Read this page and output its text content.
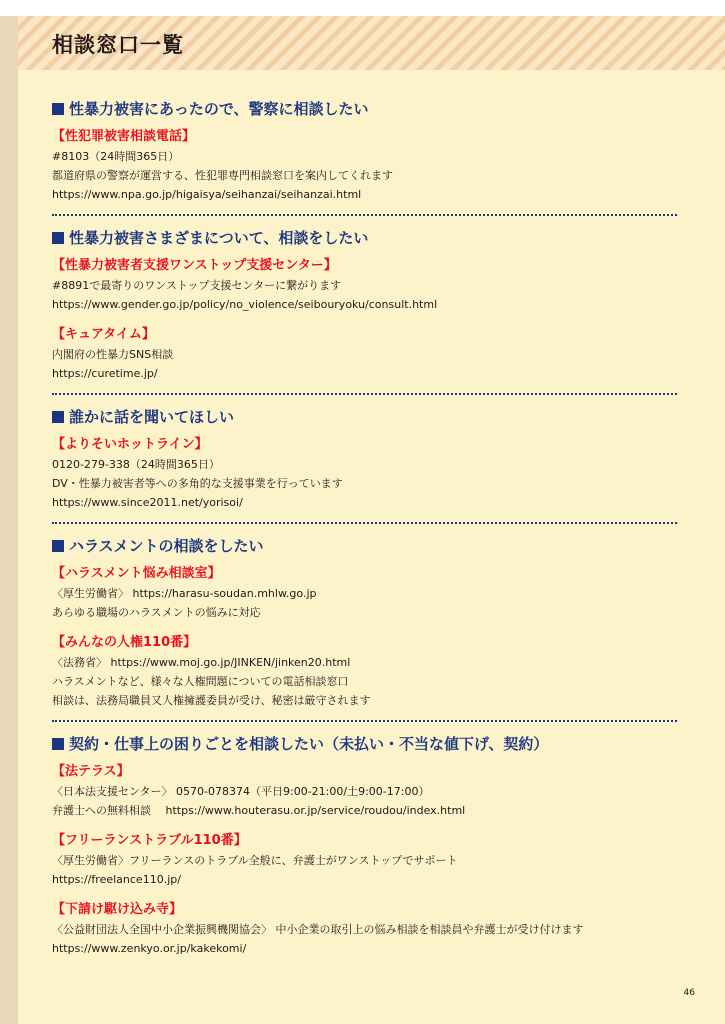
相談窓口一覧
性暴力被害にあったので、警察に相談したい
【性犯罪被害相談電話】
#8103（24時間365日）
都道府県の警察が運営する、性犯罪専門相談窓口を案内してくれます
https://www.npa.go.jp/higaisya/seihanzai/seihanzai.html
性暴力被害さまざまについて、相談をしたい
【性暴力被害者支援ワンストップ支援センター】
#8891で最寄りのワンストップ支援センターに繋がります
https://www.gender.go.jp/policy/no_violence/seibouryoku/consult.html
【キュアタイム】
内閣府の性暴力SNS相談
https://curetime.jp/
誰かに話を聞いてほしい
【よりそいホットライン】
0120-279-338（24時間365日）
DV・性暴力被害者等への多角的な支援事業を行っています
https://www.since2011.net/yorisoi/
ハラスメントの相談をしたい
【ハラスメント悩み相談室】
〈厚生労働省〉 https://harasu-soudan.mhlw.go.jp
あらゆる職場のハラスメントの悩みに対応
【みんなの人権110番】
〈法務省〉 https://www.moj.go.jp/JINKEN/jinken20.html
ハラスメントなど、様々な人権問題についての電話相談窓口
相談は、法務局職員又人権擁護委員が受け、秘密は厳守されます
契約・仕事上の困りごとを相談したい（未払い・不当な値下げ、契約）
【法テラス】
〈日本法支援センター〉 0570-078374（平日9:00-21:00/土9:00-17:00）
弁護士への無料相談　 https://www.houterasu.or.jp/service/roudou/index.html
【フリーランストラブル110番】
〈厚生労働省〉フリーランスのトラブル全般に、弁護士がワンストップでサポート
https://freelance110.jp/
【下請け駆け込み寺】
〈公益財団法人全国中小企業振興機関協会〉 中小企業の取引上の悩み相談を相談員や弁護士が受け付けます
https://www.zenkyo.or.jp/kakekomi/
46
